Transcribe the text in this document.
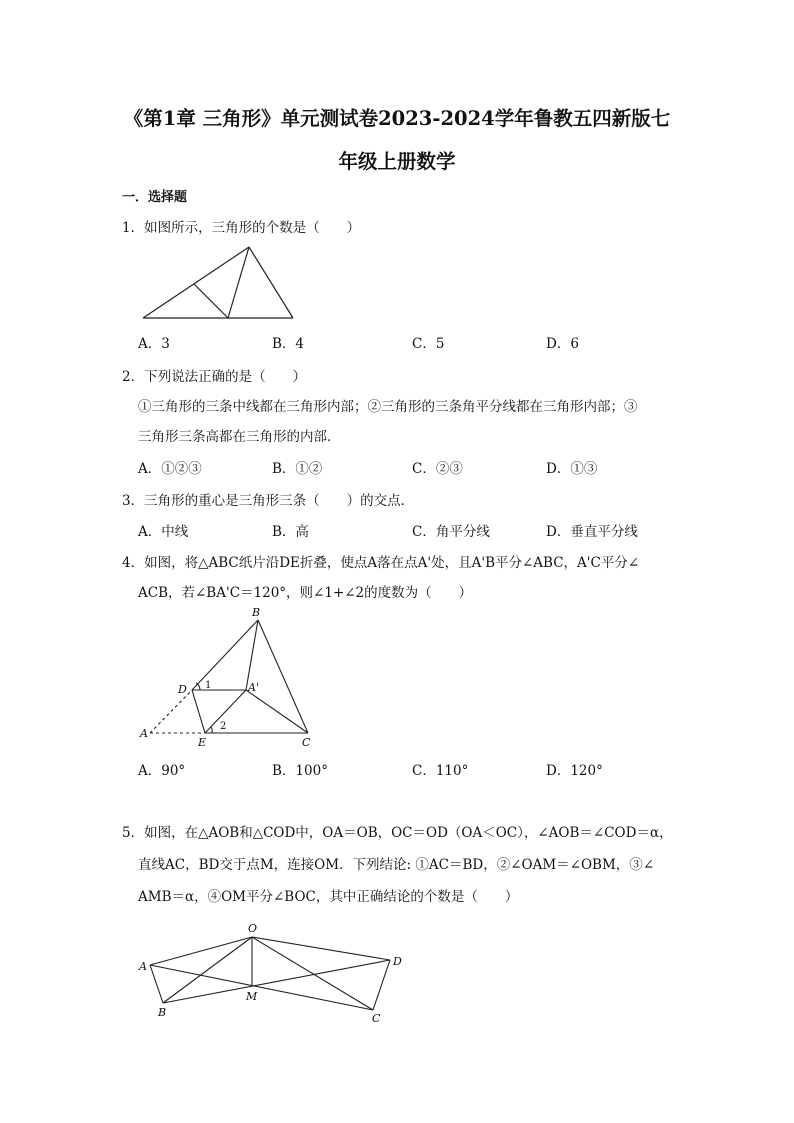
《第1章 三角形》单元测试卷2023-2024学年鲁教五四新版七
年级上册数学
一．选择题
1．如图所示，三角形的个数是（　　）
A．3	B．4	C．5	D．6
2．下列说法正确的是（　　）
①三角形的三条中线都在三角形内部；②三角形的三条角平分线都在三角形内部；③
三角形三条高都在三角形的内部．
A．①②③	B．①②	C．②③	D．①③
3．三角形的重心是三角形三条（　　）的交点．
A．中线	B．高	C．角平分线	D．垂直平分线
4．如图，将△ABC纸片沿DE折叠，使点A落在点A'处，且A'B平分∠ABC，A'C平分∠
ACB，若∠BA'C＝120°，则∠1+∠2的度数为（　　）
B
D
A
E	C
A'
1
2
A．90°	B．100°	C．110°	D．120°
5．如图，在△AOB和△COD中，OA＝OB，OC＝OD（OA＜OC），∠AOB＝∠COD＝α，
直线AC，BD交于点M，连接OM．下列结论: ①AC＝BD，②∠OAM＝∠OBM，③∠
AMB＝α，④OM平分∠BOC，其中正确结论的个数是（　　）
O
A	D
M
B	C
